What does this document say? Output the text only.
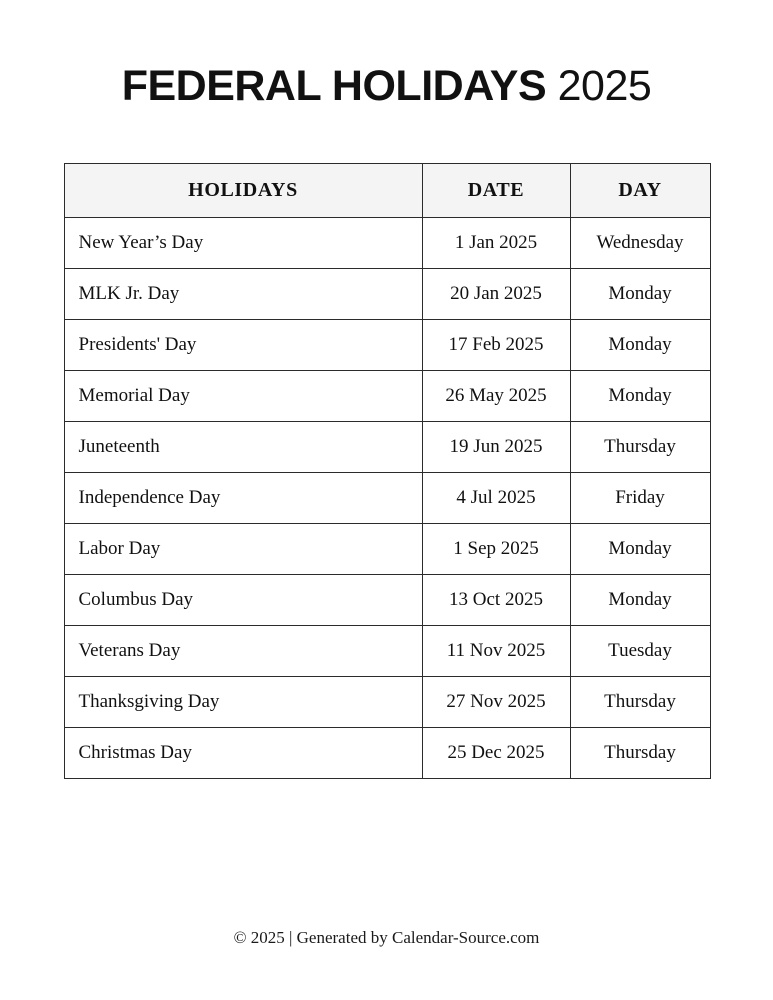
FEDERAL HOLIDAYS 2025
HOLIDAYS	DATE	DAY
New Year’s Day	1 Jan 2025	Wednesday
MLK Jr. Day	20 Jan 2025	Monday
Presidents' Day	17 Feb 2025	Monday
Memorial Day	26 May 2025	Monday
Juneteenth	19 Jun 2025	Thursday
Independence Day	4 Jul 2025	Friday
Labor Day	1 Sep 2025	Monday
Columbus Day	13 Oct 2025	Monday
Veterans Day	11 Nov 2025	Tuesday
Thanksgiving Day	27 Nov 2025	Thursday
Christmas Day	25 Dec 2025	Thursday
© 2025 | Generated by Calendar-Source.com
